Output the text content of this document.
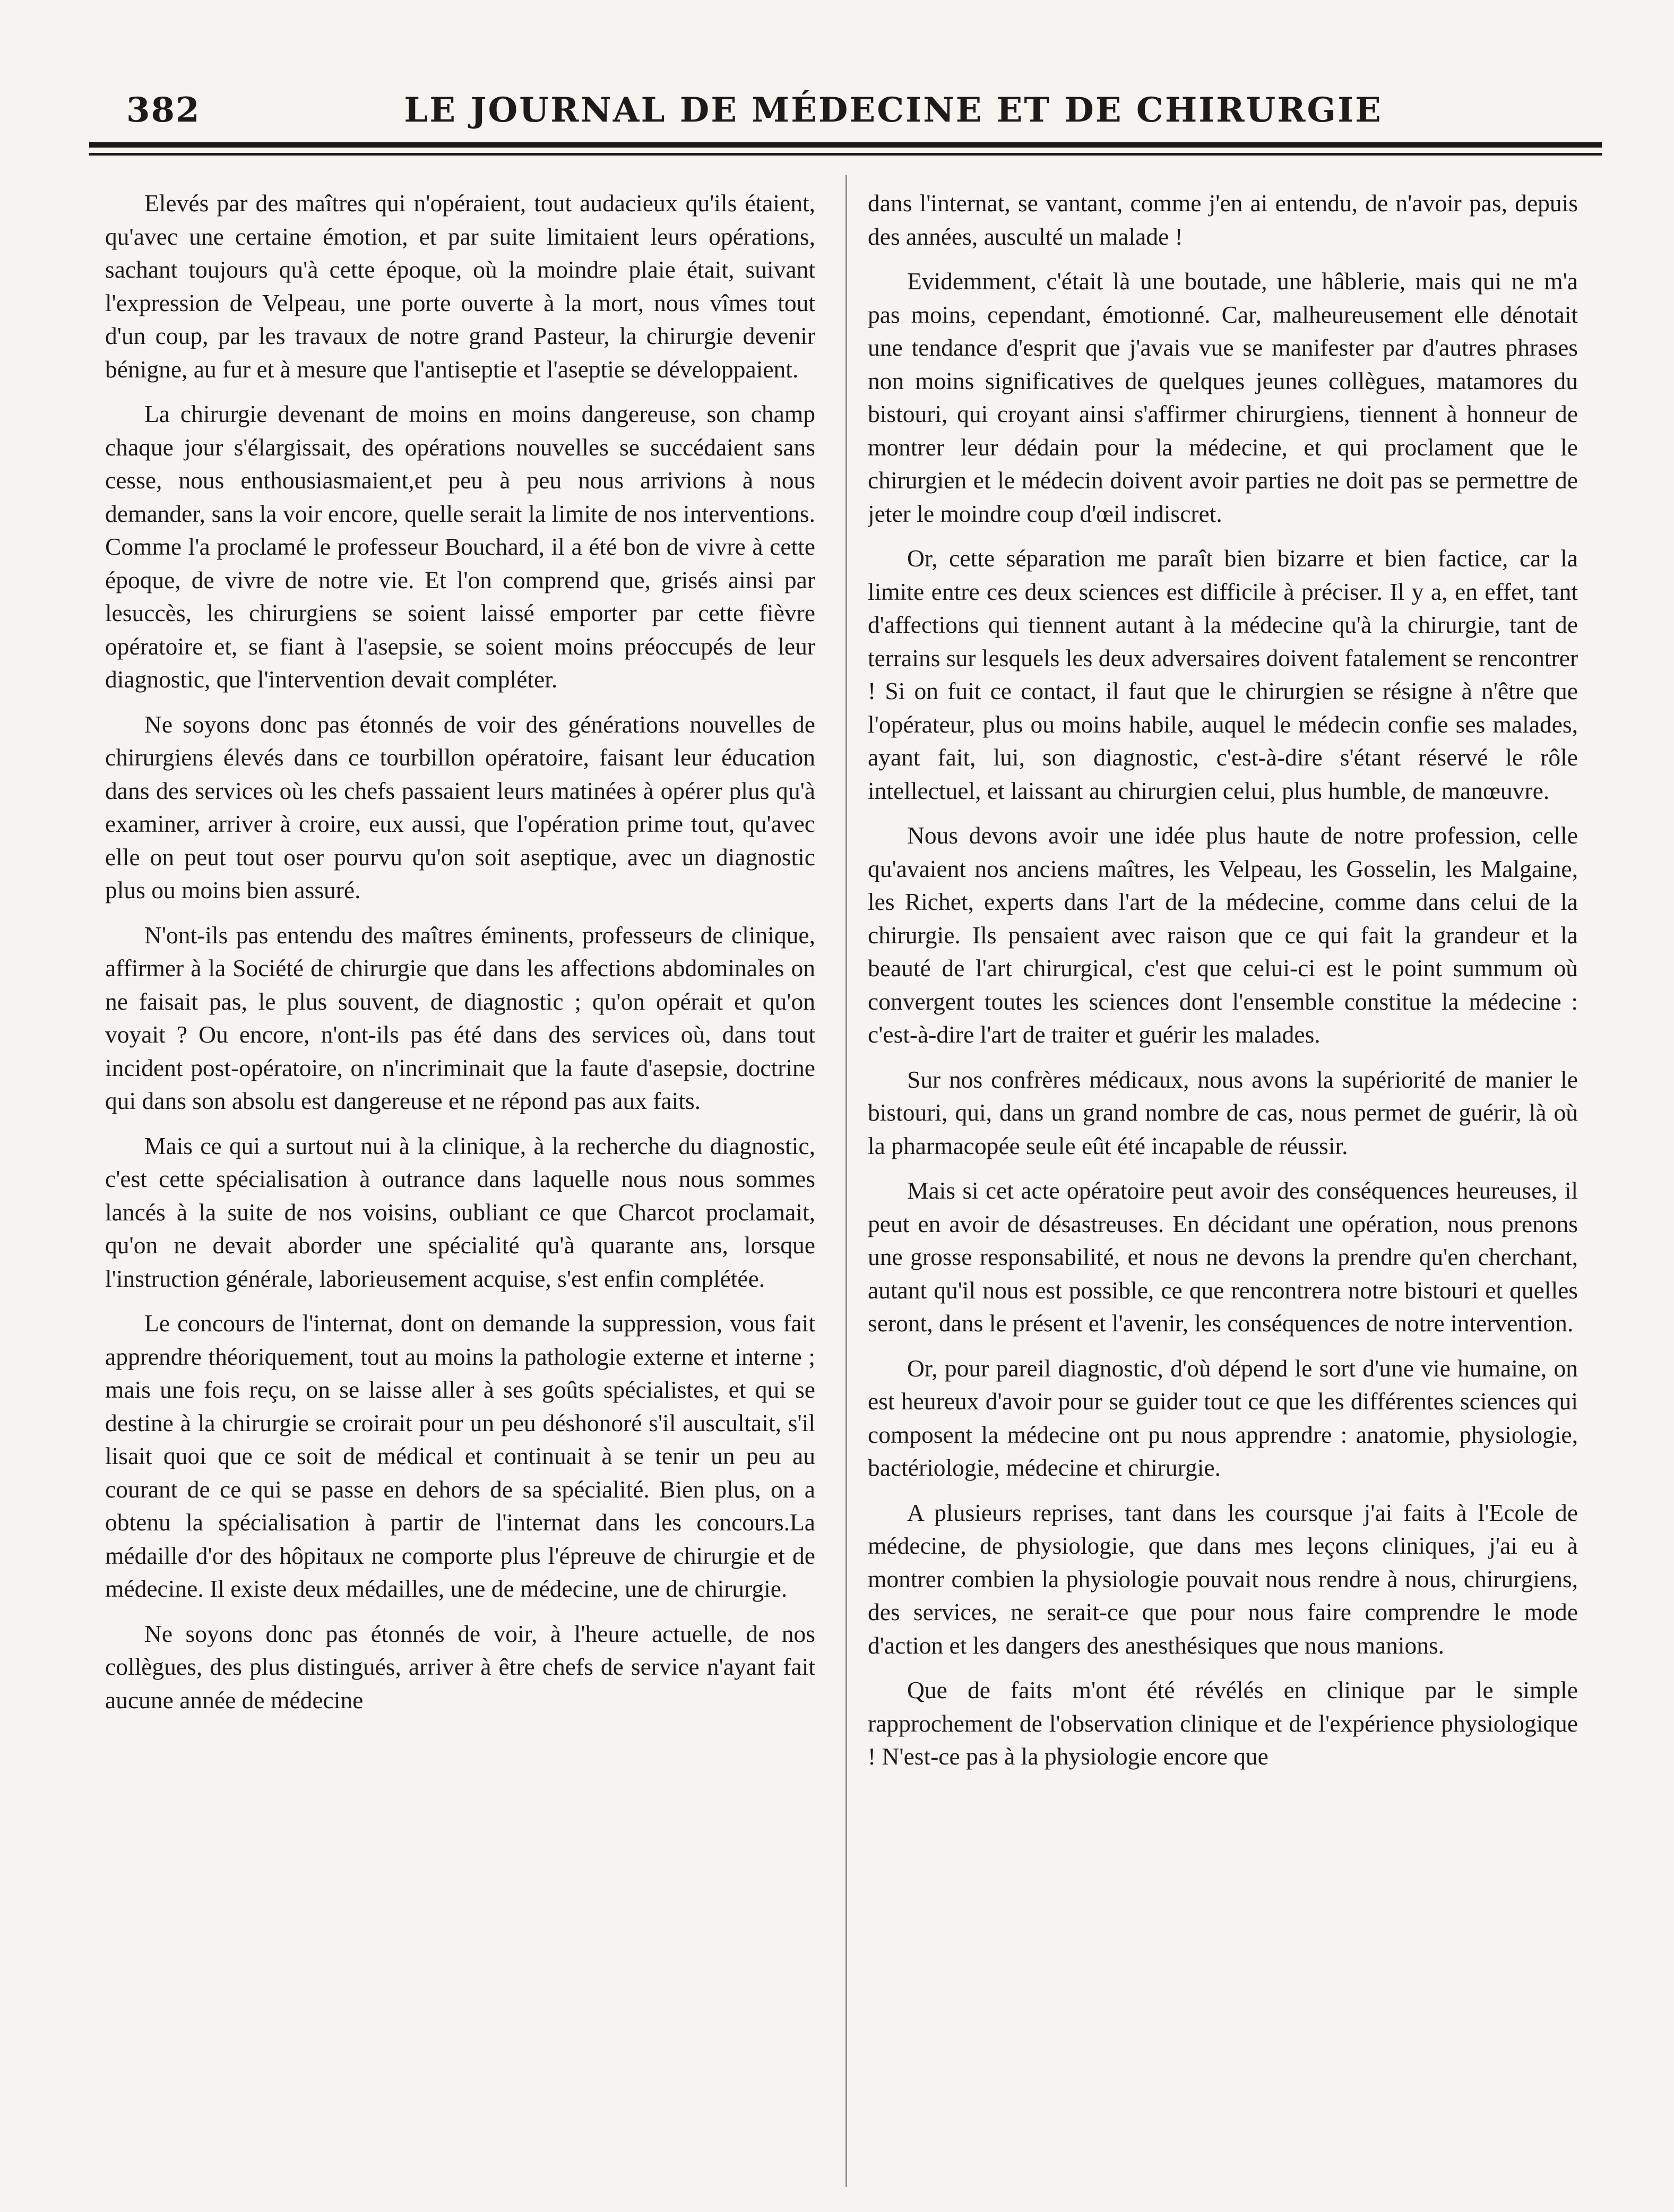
382	LE JOURNAL DE MÉDECINE ET DE CHIRURGIE

Elevés par des maîtres qui n'opéraient, tout audacieux qu'ils étaient, qu'avec une certaine émotion, et par suite limitaient leurs opérations, sachant toujours qu'à cette époque, où la moindre plaie était, suivant l'expression de Velpeau, une porte ouverte à la mort, nous vîmes tout d'un coup, par les travaux de notre grand Pasteur, la chirurgie devenir bénigne, au fur et à mesure que l'antiseptie et l'aseptie se développaient.

La chirurgie devenant de moins en moins dangereuse, son champ chaque jour s'élargissait, des opérations nouvelles se succédaient sans cesse, nous enthousiasmaient,et peu à peu nous arrivions à nous demander, sans la voir encore, quelle serait la limite de nos interventions. Comme l'a proclamé le professeur Bouchard, il a été bon de vivre à cette époque, de vivre de notre vie. Et l'on comprend que, grisés ainsi par lesuccès, les chirurgiens se soient laissé emporter par cette fièvre opératoire et, se fiant à l'asepsie, se soient moins préoccupés de leur diagnostic, que l'intervention devait compléter.

Ne soyons donc pas étonnés de voir des générations nouvelles de chirurgiens élevés dans ce tourbillon opératoire, faisant leur éducation dans des services où les chefs passaient leurs matinées à opérer plus qu'à examiner, arriver à croire, eux aussi, que l'opération prime tout, qu'avec elle on peut tout oser pourvu qu'on soit aseptique, avec un diagnostic plus ou moins bien assuré.

N'ont-ils pas entendu des maîtres éminents, professeurs de clinique, affirmer à la Société de chirurgie que dans les affections abdominales on ne faisait pas, le plus souvent, de diagnostic ; qu'on opérait et qu'on voyait ? Ou encore, n'ont-ils pas été dans des services où, dans tout incident post-opératoire, on n'incriminait que la faute d'asepsie, doctrine qui dans son absolu est dangereuse et ne répond pas aux faits.

Mais ce qui a surtout nui à la clinique, à la recherche du diagnostic, c'est cette spécialisation à outrance dans laquelle nous nous sommes lancés à la suite de nos voisins, oubliant ce que Charcot proclamait, qu'on ne devait aborder une spécialité qu'à quarante ans, lorsque l'instruction générale, laborieusement acquise, s'est enfin complétée.

Le concours de l'internat, dont on demande la suppression, vous fait apprendre théoriquement, tout au moins la pathologie externe et interne ; mais une fois reçu, on se laisse aller à ses goûts spécialistes, et qui se destine à la chirurgie se croirait pour un peu déshonoré s'il auscultait, s'il lisait quoi que ce soit de médical et continuait à se tenir un peu au courant de ce qui se passe en dehors de sa spécialité. Bien plus, on a obtenu la spécialisation à partir de l'internat dans les concours.La médaille d'or des hôpitaux ne comporte plus l'épreuve de chirurgie et de médecine. Il existe deux médailles, une de médecine, une de chirurgie.

Ne soyons donc pas étonnés de voir, à l'heure actuelle, de nos collègues, des plus distingués, arriver à être chefs de service n'ayant fait aucune année de médecine

dans l'internat, se vantant, comme j'en ai entendu, de n'avoir pas, depuis des années, ausculté un malade !

Evidemment, c'était là une boutade, une hâblerie, mais qui ne m'a pas moins, cependant, émotionné. Car, malheureusement elle dénotait une tendance d'esprit que j'avais vue se manifester par d'autres phrases non moins significatives de quelques jeunes collègues, matamores du bistouri, qui croyant ainsi s'affirmer chirurgiens, tiennent à honneur de montrer leur dédain pour la médecine, et qui proclament que le chirurgien et le médecin doivent avoir parties ne doit pas se permettre de jeter le moindre coup d'œil indiscret.

Or, cette séparation me paraît bien bizarre et bien factice, car la limite entre ces deux sciences est difficile à préciser. Il y a, en effet, tant d'affections qui tiennent autant à la médecine qu'à la chirurgie, tant de terrains sur lesquels les deux adversaires doivent fatalement se rencontrer ! Si on fuit ce contact, il faut que le chirurgien se résigne à n'être que l'opérateur, plus ou moins habile, auquel le médecin confie ses malades, ayant fait, lui, son diagnostic, c'est-à-dire s'étant réservé le rôle intellectuel, et laissant au chirurgien celui, plus humble, de manœuvre.

Nous devons avoir une idée plus haute de notre profession, celle qu'avaient nos anciens maîtres, les Velpeau, les Gosselin, les Malgaine, les Richet, experts dans l'art de la médecine, comme dans celui de la chirurgie. Ils pensaient avec raison que ce qui fait la grandeur et la beauté de l'art chirurgical, c'est que celui-ci est le point summum où convergent toutes les sciences dont l'ensemble constitue la médecine : c'est-à-dire l'art de traiter et guérir les malades.

Sur nos confrères médicaux, nous avons la supériorité de manier le bistouri, qui, dans un grand nombre de cas, nous permet de guérir, là où la pharmacopée seule eût été incapable de réussir.

Mais si cet acte opératoire peut avoir des conséquences heureuses, il peut en avoir de désastreuses. En décidant une opération, nous prenons une grosse responsabilité, et nous ne devons la prendre qu'en cherchant, autant qu'il nous est possible, ce que rencontrera notre bistouri et quelles seront, dans le présent et l'avenir, les conséquences de notre intervention.

Or, pour pareil diagnostic, d'où dépend le sort d'une vie humaine, on est heureux d'avoir pour se guider tout ce que les différentes sciences qui composent la médecine ont pu nous apprendre : anatomie, physiologie, bactériologie, médecine et chirurgie.

A plusieurs reprises, tant dans les coursque j'ai faits à l'Ecole de médecine, de physiologie, que dans mes leçons cliniques, j'ai eu à montrer combien la physiologie pouvait nous rendre à nous, chirurgiens, des services, ne serait-ce que pour nous faire comprendre le mode d'action et les dangers des anesthésiques que nous manions.

Que de faits m'ont été révélés en clinique par le simple rapprochement de l'observation clinique et de l'expérience physiologique ! N'est-ce pas à la physiologie encore que
